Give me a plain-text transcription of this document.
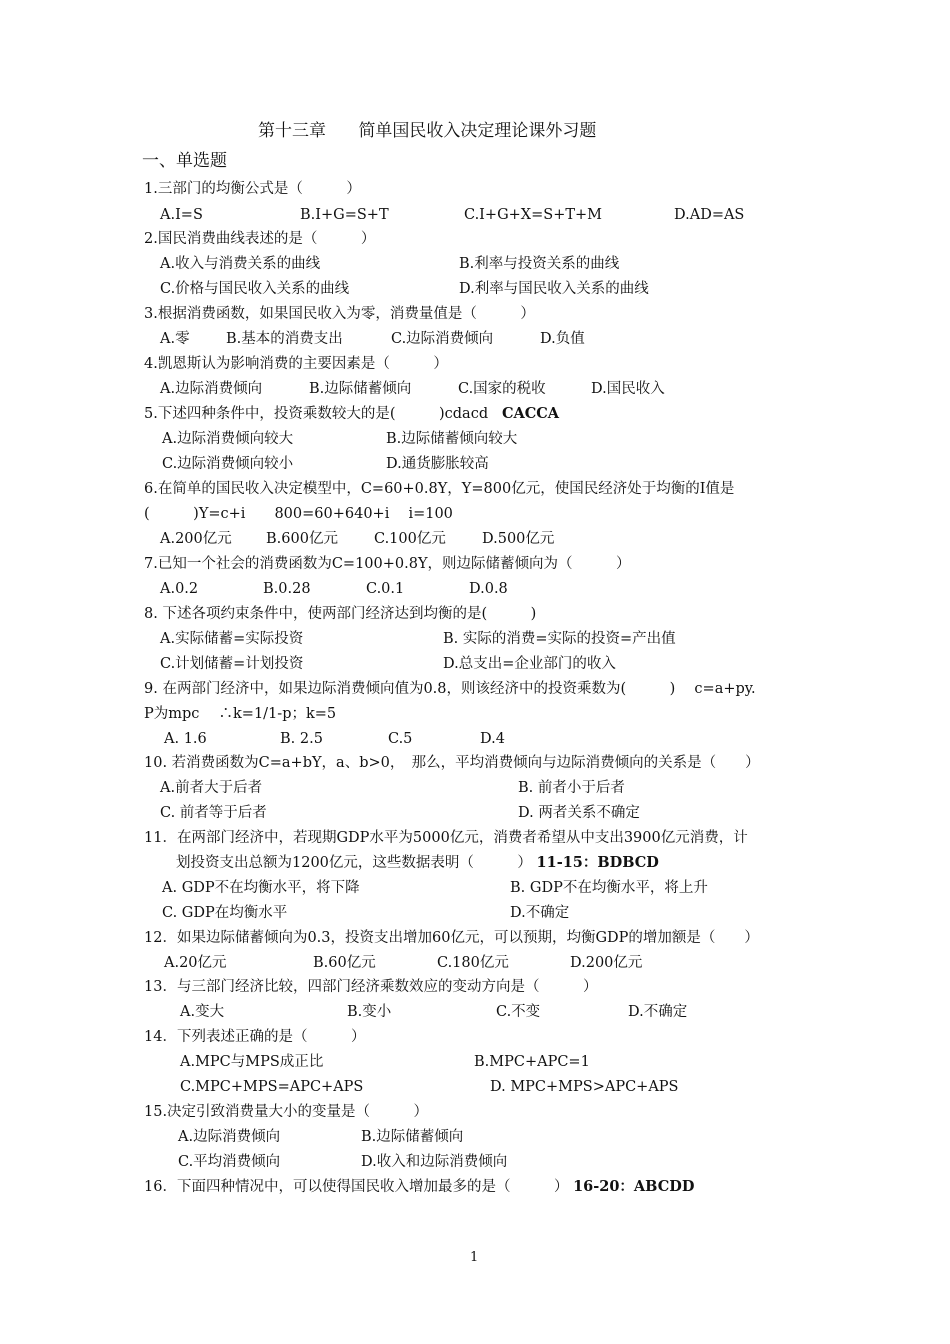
第十三章 简单国民收入决定理论课外习题
一、单选题
1.三部门的均衡公式是（　　　）
A.I=S	B.I+G=S+T	C.I+G+X=S+T+M	D.AD=AS
2.国民消费曲线表述的是（　　　）
A.收入与消费关系的曲线	B.利率与投资关系的曲线
C.价格与国民收入关系的曲线	D.利率与国民收入关系的曲线
3.根据消费函数，如果国民收入为零，消费量值是（　　　）
A.零	B.基本的消费支出	C.边际消费倾向	D.负值
4.凯恩斯认为影响消费的主要因素是（　　　）
A.边际消费倾向	B.边际储蓄倾向	C.国家的税收	D.国民收入
5.下述四种条件中，投资乘数较大的是(　　　)cdacd CACCA
A.边际消费倾向较大	B.边际储蓄倾向较大
C.边际消费倾向较小	D.通货膨胀较高
6.在简单的国民收入决定模型中，C=60+0.8Y，Y=800亿元，使国民经济处于均衡的I值是
(　　　)Y=c+i　　800=60+640+i　 i=100
A.200亿元 B.600亿元 C.100亿元 D.500亿元
7.已知一个社会的消费函数为C=100+0.8Y，则边际储蓄倾向为（　　　）
A.0.2	B.0.28	C.0.1	D.0.8
8. 下述各项约束条件中，使两部门经济达到均衡的是(　　　)
A.实际储蓄=实际投资	B. 实际的消费=实际的投资=产出值
C.计划储蓄=计划投资	D.总支出=企业部门的收入
9. 在两部门经济中，如果边际消费倾向值为0.8，则该经济中的投资乘数为(　　　)　 c=a+py.
P为mpc　 ∴k=1/1-p；k=5
A. 1.6	B. 2.5	C.5	D.4
10. 若消费函数为C=a+bY，a、b>0，　那么，平均消费倾向与边际消费倾向的关系是（　　）
A.前者大于后者	B. 前者小于后者
C. 前者等于后者	D. 两者关系不确定
11．在两部门经济中，若现期GDP水平为5000亿元，消费者希望从中支出3900亿元消费，计
划投资支出总额为1200亿元，这些数据表明（　　　） 11-15：BDBCD
A. GDP不在均衡水平，将下降	B. GDP不在均衡水平，将上升
C. GDP在均衡水平	D.不确定
12．如果边际储蓄倾向为0.3，投资支出增加60亿元，可以预期，均衡GDP的增加额是（　　）
A.20亿元	B.60亿元	C.180亿元	D.200亿元
13．与三部门经济比较，四部门经济乘数效应的变动方向是（　　　）
A.变大	B.变小	C.不变	D.不确定
14．下列表述正确的是（　　　）
A.MPC与MPS成正比	B.MPC+APC=1
C.MPC+MPS=APC+APS	D. MPC+MPS>APC+APS
15.决定引致消费量大小的变量是（　　　）
A.边际消费倾向	B.边际储蓄倾向
C.平均消费倾向	D.收入和边际消费倾向
16．下面四种情况中，可以使得国民收入增加最多的是（　　　） 16-20：ABCDD
1
